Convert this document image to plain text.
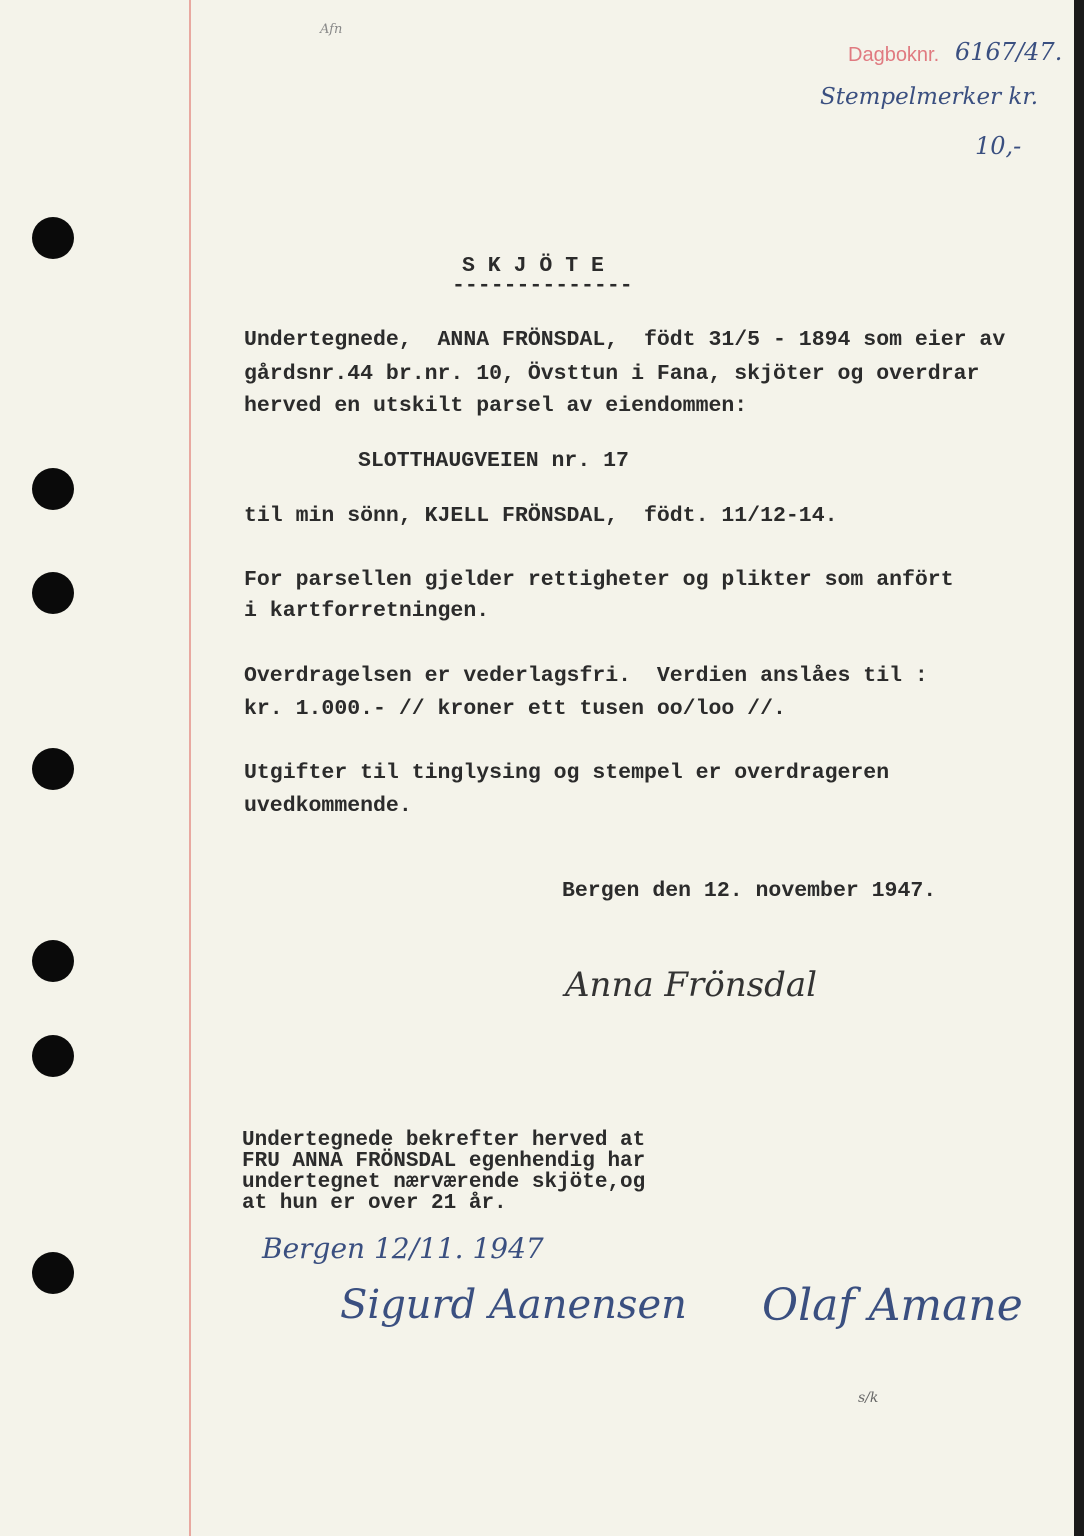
Afn
Dagboknr. 6167/47.
Stempelmerker kr.
10,-
S K J Ö T E
--------------
Undertegnede,  ANNA FRÖNSDAL,  födt 31/5 - 1894 som eier av
gårdsnr.44 br.nr. 10, Övsttun i Fana, skjöter og overdrar
herved en utskilt parsel av eiendommen:
SLOTTHAUGVEIEN nr. 17
til min sönn, KJELL FRÖNSDAL,  födt. 11/12-14.
For parsellen gjelder rettigheter og plikter som anfört
i kartforretningen.
Overdragelsen er vederlagsfri.  Verdien anslåes til :
kr. 1.000.- // kroner ett tusen oo/loo //.
Utgifter til tinglysing og stempel er overdrageren
uvedkommende.
Bergen den 12. november 1947.
Anna Frönsdal
Undertegnede bekrefter herved at
FRU ANNA FRÖNSDAL egenhendig har
undertegnet nærværende skjöte,og
at hun er over 21 år.
Bergen 12/11. 1947
Sigurd Aanensen Olaf Amane
s/k
